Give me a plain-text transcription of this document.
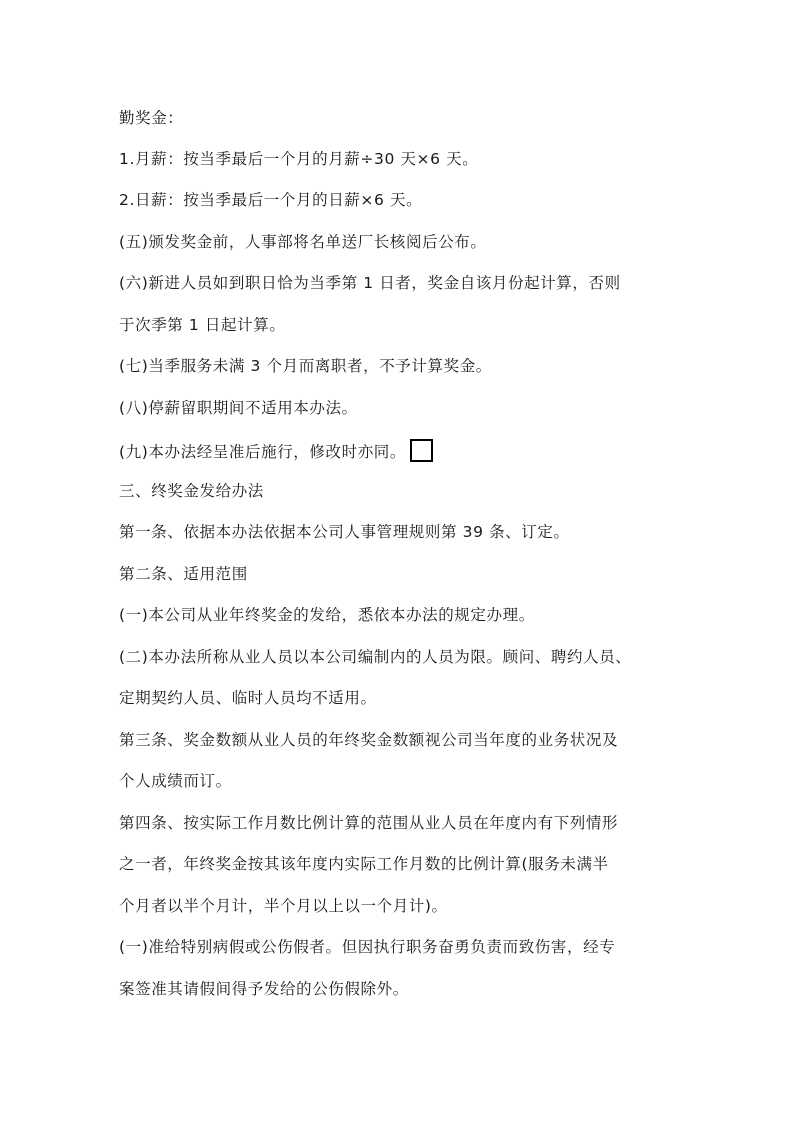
勤奖金：
1.月薪：按当季最后一个月的月薪÷30 天×6 天。
2.日薪：按当季最后一个月的日薪×6 天。
(五)颁发奖金前，人事部将名单送厂长核阅后公布。
(六)新进人员如到职日恰为当季第 1 日者，奖金自该月份起计算，否则
于次季第 1 日起计算。
(七)当季服务未满 3 个月而离职者，不予计算奖金。
(八)停薪留职期间不适用本办法。
(九)本办法经呈准后施行，修改时亦同。
三、终奖金发给办法
第一条、依据本办法依据本公司人事管理规则第 39 条、订定。
第二条、适用范围
(一)本公司从业年终奖金的发给，悉依本办法的规定办理。
(二)本办法所称从业人员以本公司编制内的人员为限。顾问、聘约人员、
定期契约人员、临时人员均不适用。
第三条、奖金数额从业人员的年终奖金数额视公司当年度的业务状况及
个人成绩而订。
第四条、按实际工作月数比例计算的范围从业人员在年度内有下列情形
之一者，年终奖金按其该年度内实际工作月数的比例计算(服务未满半
个月者以半个月计，半个月以上以一个月计)。
(一)准给特别病假或公伤假者。但因执行职务奋勇负责而致伤害，经专
案签准其请假间得予发给的公伤假除外。
